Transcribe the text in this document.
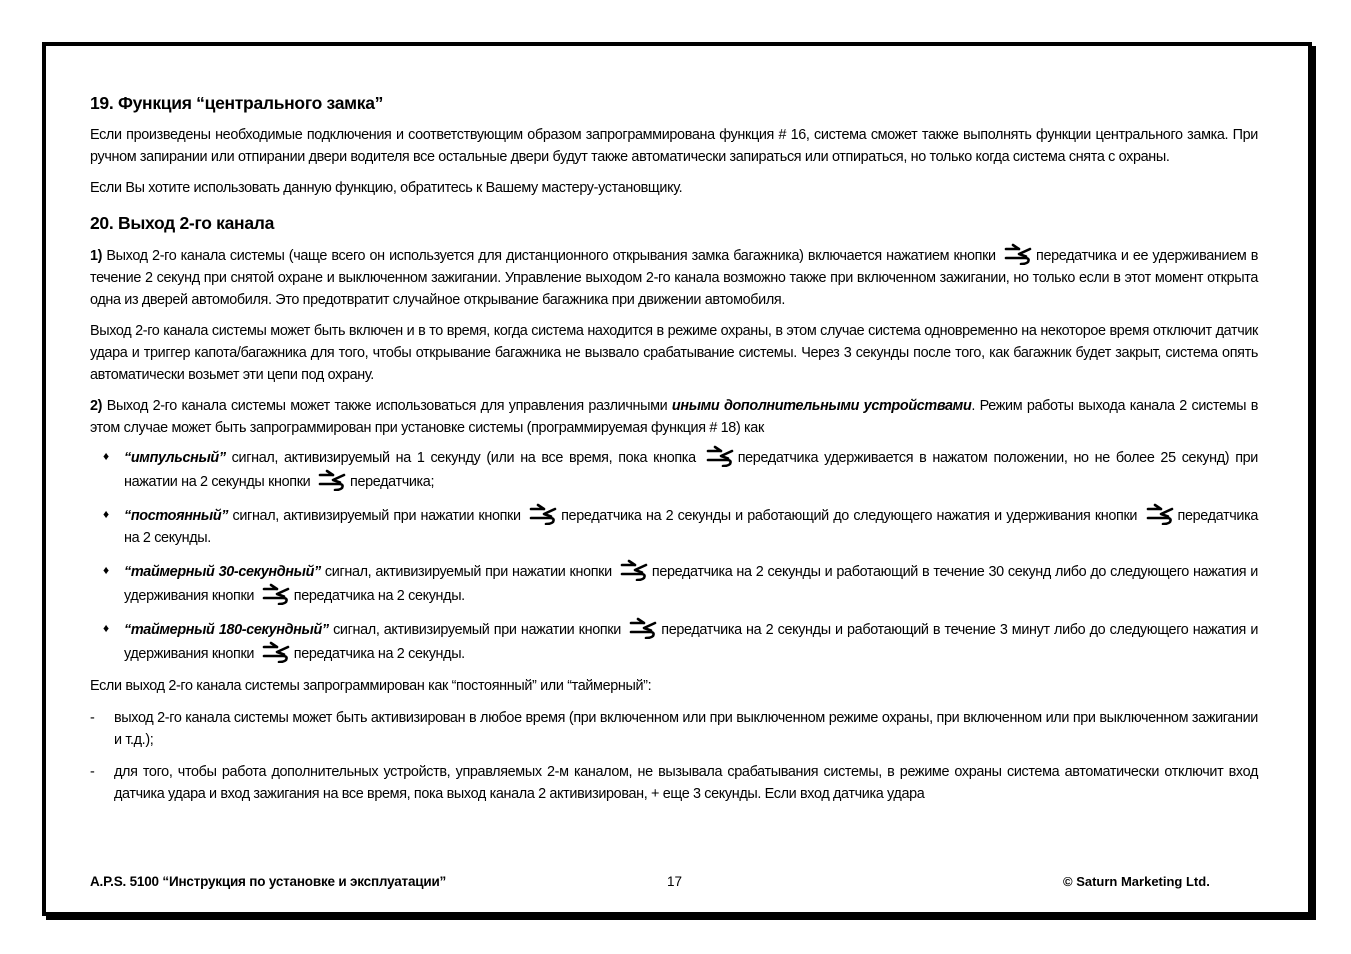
19. Функция “центрального замка”

Если произведены необходимые подключения и соответствующим образом запрограммирована функция # 16, система сможет также выполнять функции центрального замка. При ручном запирании или отпирании двери водителя все остальные двери будут также автоматически запираться или отпираться, но только когда система снята с охраны.

Если Вы хотите использовать данную функцию, обратитесь к Вашему мастеру-установщику.

20. Выход 2-го канала

1) Выход 2-го канала системы (чаще всего он используется для дистанционного открывания замка багажника) включается нажатием кнопки	передатчика и ее удерживанием в течение 2 секунд при снятой охране и выключенном зажигании. Управление выходом 2-го канала возможно также при включенном зажигании, но только если в этот момент открыта одна из дверей автомобиля. Это предотвратит случайное открывание багажника при движении автомобиля.

Выход 2-го канала системы может быть включен и в то время, когда система находится в режиме охраны, в этом случае система одновременно на некоторое время отключит датчик удара и триггер капота/багажника для того, чтобы открывание багажника не вызвало срабатывание системы. Через 3 секунды после того, как багажник будет закрыт, система опять автоматически возьмет эти цепи под охрану.

2) Выход 2-го канала системы может также использоваться для управления различными иными дополнительными устройствами. Режим работы выхода канала 2 системы в этом случае может быть запрограммирован при установке системы (программируемая функция # 18) как

♦ “импульсный” сигнал, активизируемый на 1 секунду (или на все время, пока кнопка	передатчика удерживается в нажатом положении, но не более 25 секунд) при нажатии на 2 секунды кнопки	передатчика;
♦ “постоянный” сигнал, активизируемый при нажатии кнопки	передатчика на 2 секунды и работающий до следующего нажатия и удерживания кнопки	передатчика на 2 секунды.
♦ “таймерный 30-секундный” сигнал, активизируемый при нажатии кнопки	передатчика на 2 секунды и работающий в течение 30 секунд либо до следующего нажатия и удерживания кнопки	передатчика на 2 секунды.
♦ “таймерный 180-секундный” сигнал, активизируемый при нажатии кнопки	передатчика на 2 секунды и работающий в течение 3 минут либо до следующего нажатия и удерживания кнопки	передатчика на 2 секунды.

Если выход 2-го канала системы запрограммирован как “постоянный” или “таймерный”:

- выход 2-го канала системы может быть активизирован в любое время (при включенном или при выключенном режиме охраны, при включенном или при выключенном зажигании и т.д.);
- для того, чтобы работа дополнительных устройств, управляемых 2-м каналом, не вызывала срабатывания системы, в режиме охраны система автоматически отключит вход датчика удара и вход зажигания на все время, пока выход канала 2 активизирован, + еще 3 секунды. Если вход датчика удара
A.P.S. 5100 “Инструкция по установке и эксплуатации”	17	© Saturn Marketing Ltd.
